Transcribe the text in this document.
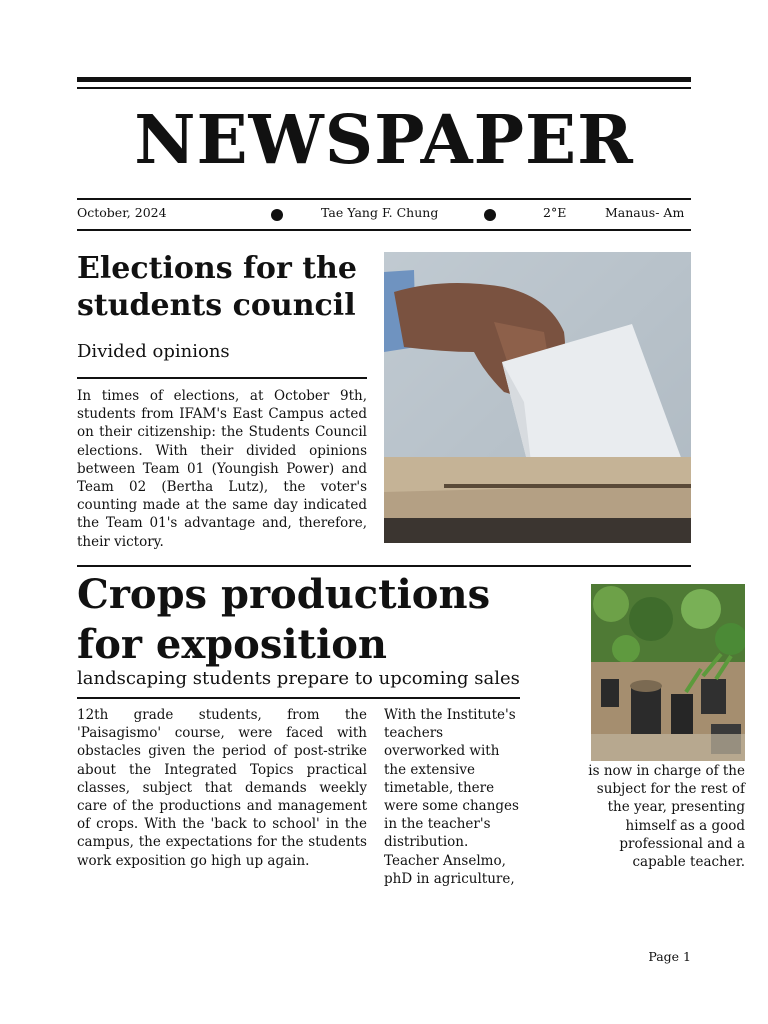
NEWSPAPER
October, 2024	Tae Yang F. Chung	2°E	Manaus- Am
Elections for the students council
Divided opinions
In times of elections, at October 9th, students from IFAM's East Campus acted on their citizenship: the Students Council elections. With their divided opinions between Team 01 (Youngish Power) and Team 02 (Bertha Lutz), the voter's counting made at the same day indicated the Team 01's advantage and, therefore, their victory.
Crops productions
for exposition
landscaping students prepare to upcoming sales
12th grade students, from the 'Paisagismo' course, were faced with obstacles given the period of post-strike about the Integrated Topics practical classes, subject that demands weekly care of the productions and management of crops. With the 'back to school' in the campus, the expectations for the students work exposition go high up again.
With the Institute's teachers overworked with the extensive timetable, there were some changes in the teacher's distribution. Teacher Anselmo, phD in agriculture,
is now in charge of the subject for the rest of the year, presenting himself as a good professional and a capable teacher.
Page 1
